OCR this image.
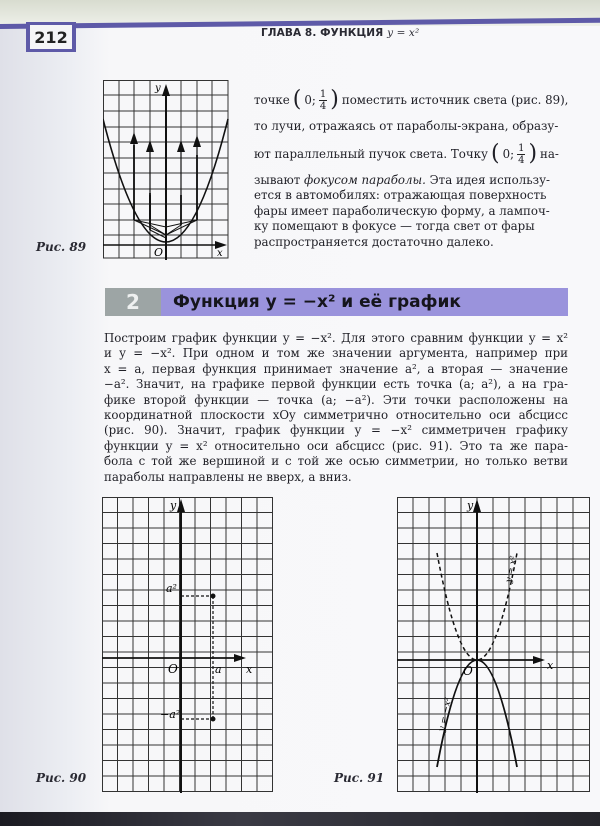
212	ГЛАВА 8. ФУНКЦИЯ y = x²
y
O	x
Рис. 89
точке ( 0; $\frac{1}{4}$ ) поместить источник света (рис. 89),
то лучи, отражаясь от параболы-экрана, образу-
ют параллельный пучок света. Точку ( 0; $\frac{1}{4}$ ) на-
зывают фокусом параболы. Эта идея использу-
ется в автомобилях: отражающая поверхность
фары имеет параболическую форму, а лампоч-
ку помещают в фокусе — тогда свет от фары
распространяется достаточно далеко.
2	Функция y = −x² и её график
Построим график функции y = −x². Для этого сравним функции y = x²
и y = −x². При одном и том же значении аргумента, например при
x = a, первая функция принимает значение a², а вторая — значение
−a². Значит, на графике первой функции есть точка (a; a²), а на гра-
фике второй функции — точка (a; −a²). Эти точки расположены на
координатной плоскости xOy симметрично относительно оси абсцисс
(рис. 90). Значит, график функции y = −x² симметричен графику
функции y = x² относительно оси абсцисс (рис. 91). Это та же пара-
бола с той же вершиной и с той же осью симметрии, но только ветви
параболы направлены не вверх, а вниз.
y
a²
O	a x
−a²
Рис. 90
y
O	x
y = x²
y = −x²
Рис. 91
